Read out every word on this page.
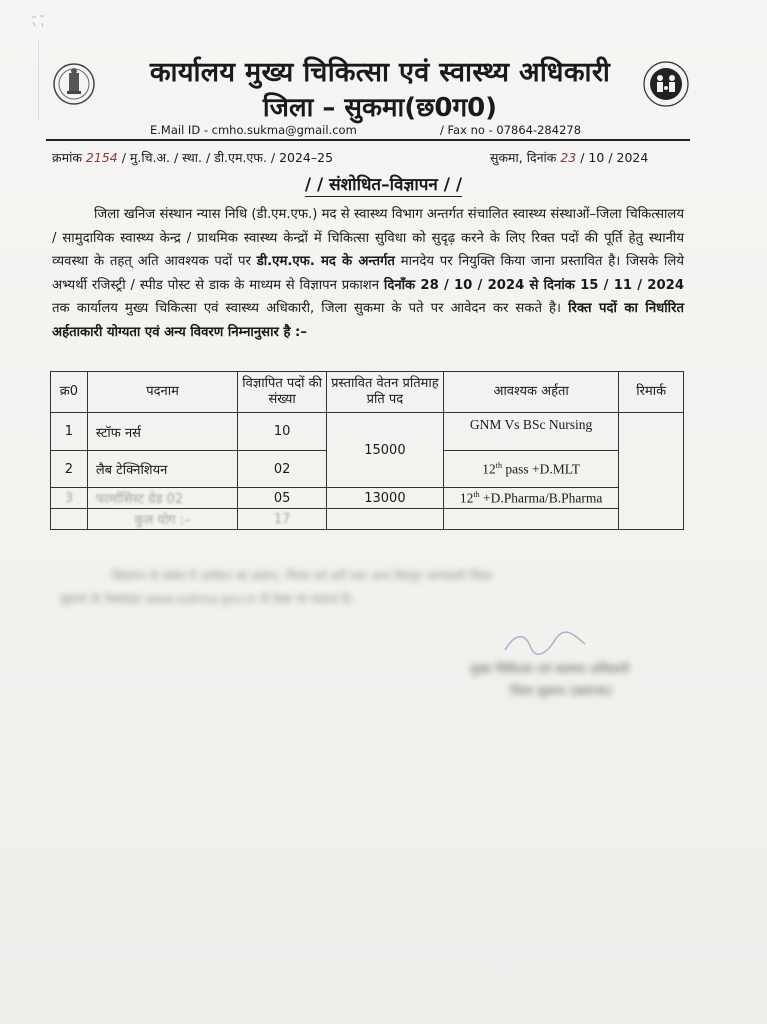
कार्यालय मुख्य चिकित्सा एवं स्वास्थ्य अधिकारी
जिला – सुकमा(छ0ग0)
E.Mail ID - cmho.sukma@gmail.com	/ Fax no - 07864-284278
क्रमांक 2154 / मु.चि.अ. / स्था. / डी.एम.एफ. / 2024–25	सुकमा, दिनांक 23 / 10 / 2024
/ / संशोधित–विज्ञापन / /
जिला खनिज संस्थान न्यास निधि (डी.एम.एफ.) मद से स्वास्थ्य विभाग अन्तर्गत संचालित स्वास्थ्य संस्थाओं–जिला चिकित्सालय / सामुदायिक स्वास्थ्य केन्द्र / प्राथमिक स्वास्थ्य केन्द्रों में चिकित्सा सुविधा को सुदृढ़ करने के लिए रिक्त पदों की पूर्ति हेतु स्थानीय व्यवस्था के तहत् अति आवश्यक पदों पर डी.एम.एफ. मद के अन्तर्गत मानदेय पर नियुक्ति किया जाना प्रस्तावित है। जिसके लिये अभ्यर्थी रजिस्ट्री / स्पीड पोस्ट से डाक के माध्यम से विज्ञापन प्रकाशन दिनाँक 28 / 10 / 2024 से दिनांक 15 / 11 / 2024 तक कार्यालय मुख्य चिकित्सा एवं स्वास्थ्य अधिकारी, जिला सुकमा के पते पर आवेदन कर सकते है। रिक्त पदों का निर्धारित अर्हताकारी योग्यता एवं अन्य विवरण निम्नानुसार है :–
क्र0	पदनाम	विज्ञापित पदों की संख्या	प्रस्तावित वेतन प्रतिमाह प्रति पद	आवश्यक अर्हता	रिमार्क
1	स्टॉफ नर्स	10	15000	GNM Vs BSc Nursing	
2	लैब टेक्निशियन	02		12th pass +D.MLT	
3	फार्मासिस्ट ग्रेड 02	05	13000	12th +D.Pharma/B.Pharma	
	कुल योग :–	17			
विज्ञापन के संबंध में आवेदन का प्रारूप, नियम एवं शर्तें तथा अन्य विस्तृत जानकारी जिला
सुकमा के वेबसाइट www.sukma.gov.in से देखा जा सकता है।
मुख्य चिकित्सा एवं स्वास्थ्य अधिकारी
जिला सुकमा (छ0ग0)
